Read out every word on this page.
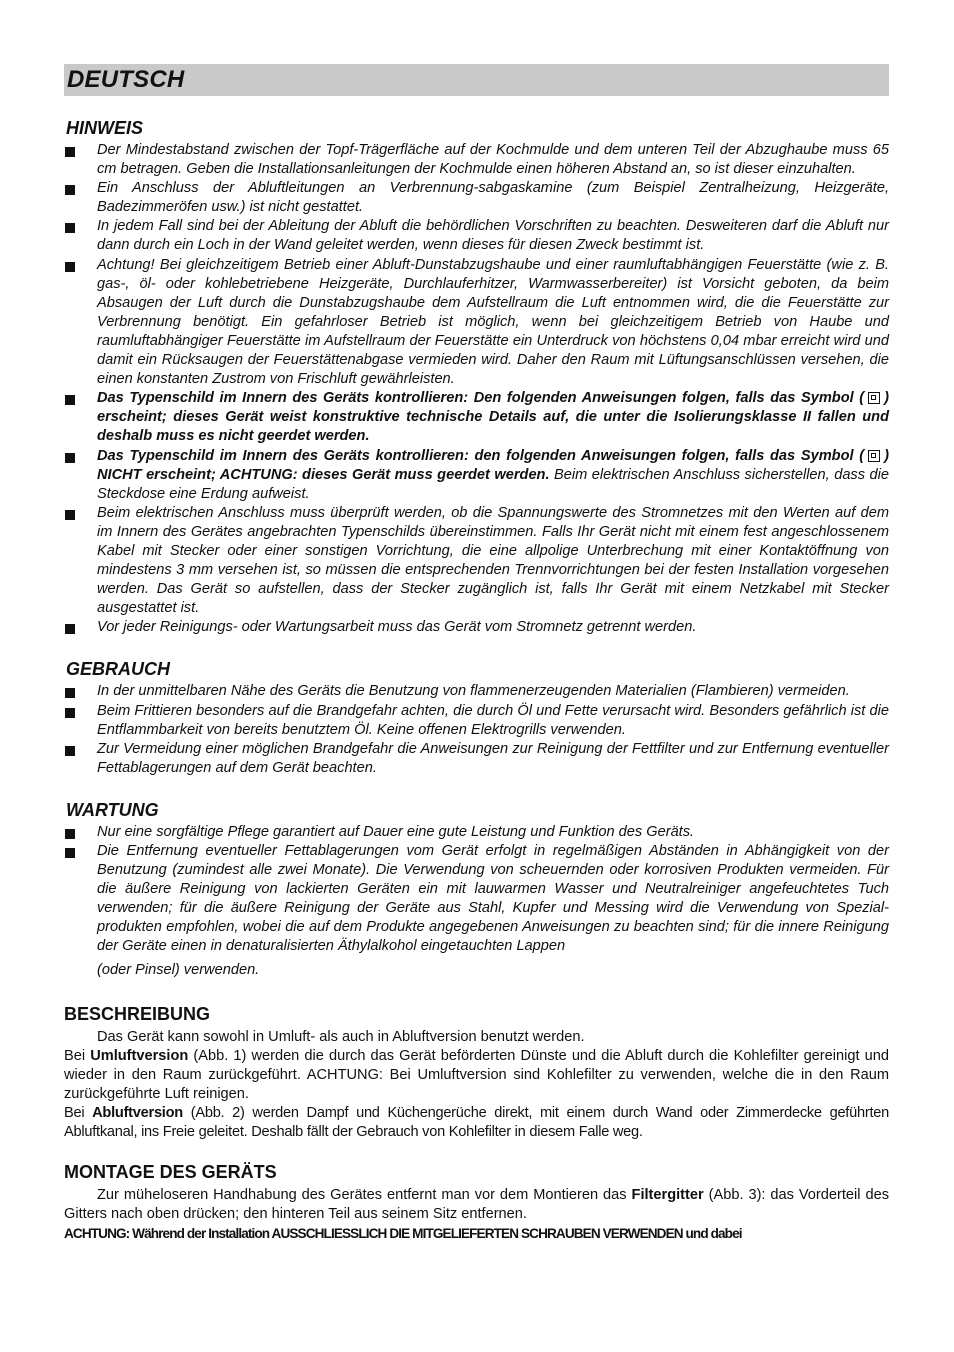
DEUTSCH
HINWEIS
Der Mindestabstand zwischen der Topf-Trägerfläche auf der Kochmulde und dem unteren Teil der Abzughaube muss 65 cm betragen. Geben die Installationsanleitungen der Kochmulde einen höheren Abstand an, so ist dieser einzuhalten.
Ein Anschluss der Abluftleitungen an Verbrennung-sabgaskamine (zum Beispiel Zentralheizung, Heizgeräte, Badezimmeröfen usw.) ist nicht gestattet.
In jedem Fall sind bei der Ableitung der Abluft die behördlichen Vorschriften zu beachten. Desweiteren darf die Abluft nur dann durch ein Loch in der Wand geleitet werden, wenn dieses für diesen Zweck bestimmt ist.
Achtung! Bei gleichzeitigem Betrieb einer Abluft-Dunstabzugshaube und einer raumluftabhängigen Feuerstätte (wie z. B. gas-, öl- oder kohlebetriebene Heizgeräte, Durchlauferhitzer, Warmwasserbereiter) ist Vorsicht geboten, da beim Absaugen der Luft durch die Dunstabzugshaube dem Aufstellraum die Luft entnommen wird, die die Feuerstätte zur Verbrennung benötigt. Ein gefahrloser Betrieb ist möglich, wenn bei gleichzeitigem Betrieb von Haube und raumluftabhängiger Feuerstätte im Aufstellraum der Feuerstätte ein Unterdruck von höchstens 0,04 mbar erreicht wird und damit ein Rücksaugen der Feuerstättenabgase vermieden wird. Daher den Raum mit Lüftungsanschlüssen versehen, die einen konstanten Zustrom von Frischluft gewährleisten.
Das Typenschild im Innern des Geräts kontrollieren: Den folgenden Anweisungen folgen, falls das Symbol ( ) erscheint; dieses Gerät weist konstruktive technische Details auf, die unter die Isolierungsklasse II fallen und deshalb muss es nicht geerdet werden.
Das Typenschild im Innern des Geräts kontrollieren: den folgenden Anweisungen folgen, falls das Symbol ( ) NICHT erscheint; ACHTUNG: dieses Gerät muss geerdet werden. Beim elektrischen Anschluss sicherstellen, dass die Steckdose eine Erdung aufweist.
Beim elektrischen Anschluss muss überprüft werden, ob die Spannungswerte des Stromnetzes mit den Werten auf dem im Innern des Gerätes angebrachten Typenschilds übereinstimmen. Falls Ihr Gerät nicht mit einem fest angeschlossenem Kabel mit Stecker oder einer sonstigen Vorrichtung, die eine allpolige Unterbrechung mit einer Kontaktöffnung von mindestens 3 mm versehen ist, so müssen die entsprechenden Trennvorrichtungen bei der festen Installation vorgesehen werden. Das Gerät so aufstellen, dass der Stecker zugänglich ist, falls Ihr Gerät mit einem Netzkabel mit Stecker ausgestattet ist.
Vor jeder Reinigungs- oder Wartungsarbeit muss das Gerät vom Stromnetz getrennt werden.
GEBRAUCH
In der unmittelbaren Nähe des Geräts die Benutzung von flammenerzeugenden Materialien (Flambieren) vermeiden.
Beim Frittieren besonders auf die Brandgefahr achten, die durch Öl und Fette verursacht wird. Besonders gefährlich ist die Entflammbarkeit von bereits benutztem Öl. Keine offenen Elektrogrills verwenden.
Zur Vermeidung einer möglichen Brandgefahr die Anweisungen zur Reinigung der Fettfilter und zur Entfernung eventueller Fettablagerungen auf dem Gerät beachten.
WARTUNG
Nur eine sorgfältige Pflege garantiert auf Dauer eine gute Leistung und Funktion des Geräts.
Die Entfernung eventueller Fettablagerungen vom Gerät erfolgt in regelmäßigen Abständen in Abhängigkeit von der Benutzung (zumindest alle zwei Monate). Die Verwendung von scheuernden oder korrosiven Produkten vermeiden. Für die äußere Reinigung von lackierten Geräten ein mit lauwarmen Wasser und Neutralreiniger angefeuchtetes Tuch verwenden; für die äußere Reinigung der Geräte aus Stahl, Kupfer und Messing wird die Verwendung von Spezial-produkten empfohlen, wobei die auf dem Produkte angegebenen Anweisungen zu beachten sind; für die innere Reinigung der Geräte einen in denaturalisierten Äthylalkohol eingetauchten Lappen
(oder Pinsel) verwenden.
BESCHREIBUNG
Das Gerät kann sowohl in Umluft- als auch in Abluftversion benutzt werden.
Bei Umluftversion (Abb. 1) werden die durch das Gerät beförderten Dünste und die Abluft durch die Kohlefilter gereinigt und wieder in den Raum zurückgeführt. ACHTUNG: Bei Umluftversion sind Kohlefilter zu verwenden, welche die in den Raum zurückgeführte Luft reinigen.
Bei Abluftversion (Abb. 2) werden Dampf und Küchengerüche direkt, mit einem durch Wand oder Zimmerdecke geführten Abluftkanal, ins Freie geleitet. Deshalb fällt der Gebrauch von Kohlefilter in diesem Falle weg.
MONTAGE DES GERÄTS
Zur müheloseren Handhabung des Gerätes entfernt man vor dem Montieren das Filtergitter (Abb. 3): das Vorderteil des Gitters nach oben drücken; den hinteren Teil aus seinem Sitz entfernen.
ACHTUNG: Während der Installation AUSSCHLIESSLICH DIE MITGELIEFERTEN SCHRAUBEN VERWENDEN und dabei
